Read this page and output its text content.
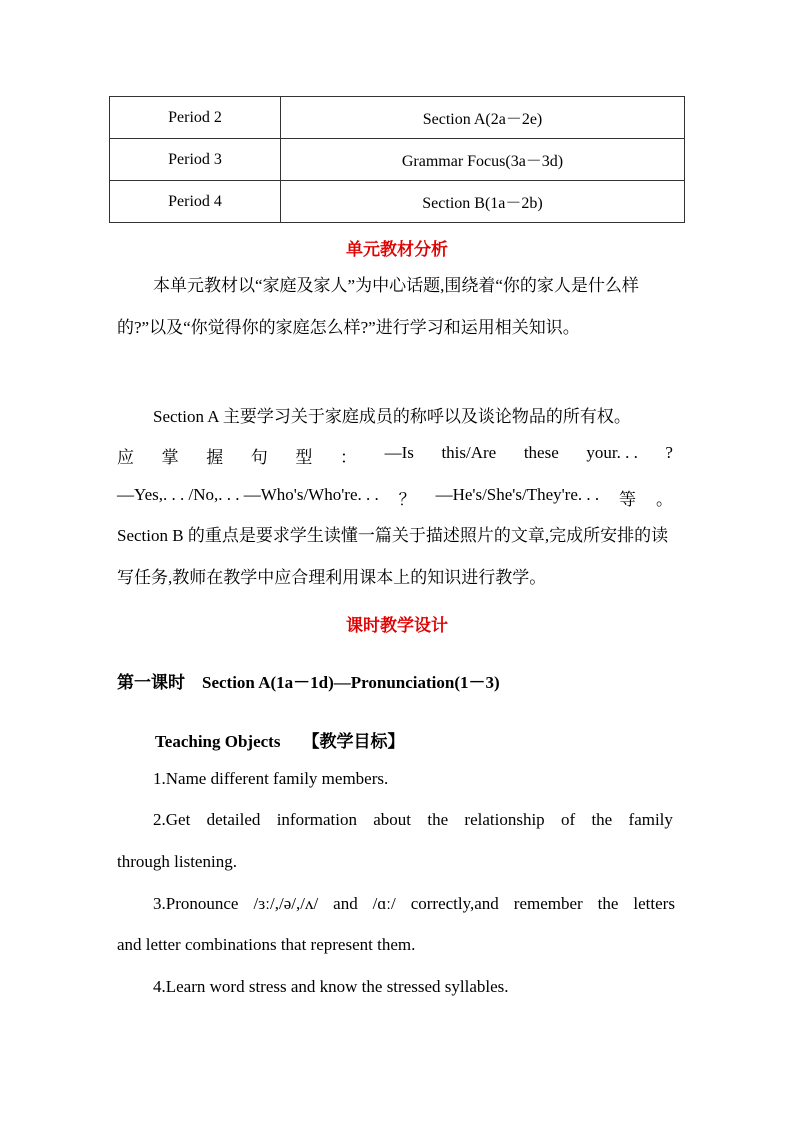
Period 2	Section A(2a－2e)
Period 3	Grammar Focus(3a－3d)
Period 4	Section B(1a－2b)
单元教材分析

本单元教材以“家庭及家人”为中心话题,围绕着“你的家人是什么样的?”以及“你觉得你的家庭怎么样?”进行学习和运用相关知识。

Section A 主要学习关于家庭成员的称呼以及谈论物品的所有权。
应 掌 握 句 型 ： —Is this/Are these your. . . ?
—Yes,. . . /No,. . . —Who's/Who're. . . ？ —He's/She's/They're. . . 等 。

Section B 的重点是要求学生读懂一篇关于描述照片的文章,完成所安排的读写任务,教师在教学中应合理利用课本上的知识进行教学。

课时教学设计
第一课时　Section A(1a－1d)—Pronunciation(1－3)
Teaching Objects 【教学目标】
1.Name different family members.
2.Get detailed information about the relationship of the family
through listening.
3.Pronounce /ɜː/,/ə/,/ʌ/ and /ɑː/ correctly,and remember the letters
and letter combinations that represent them.
4.Learn word stress and know the stressed syllables.
